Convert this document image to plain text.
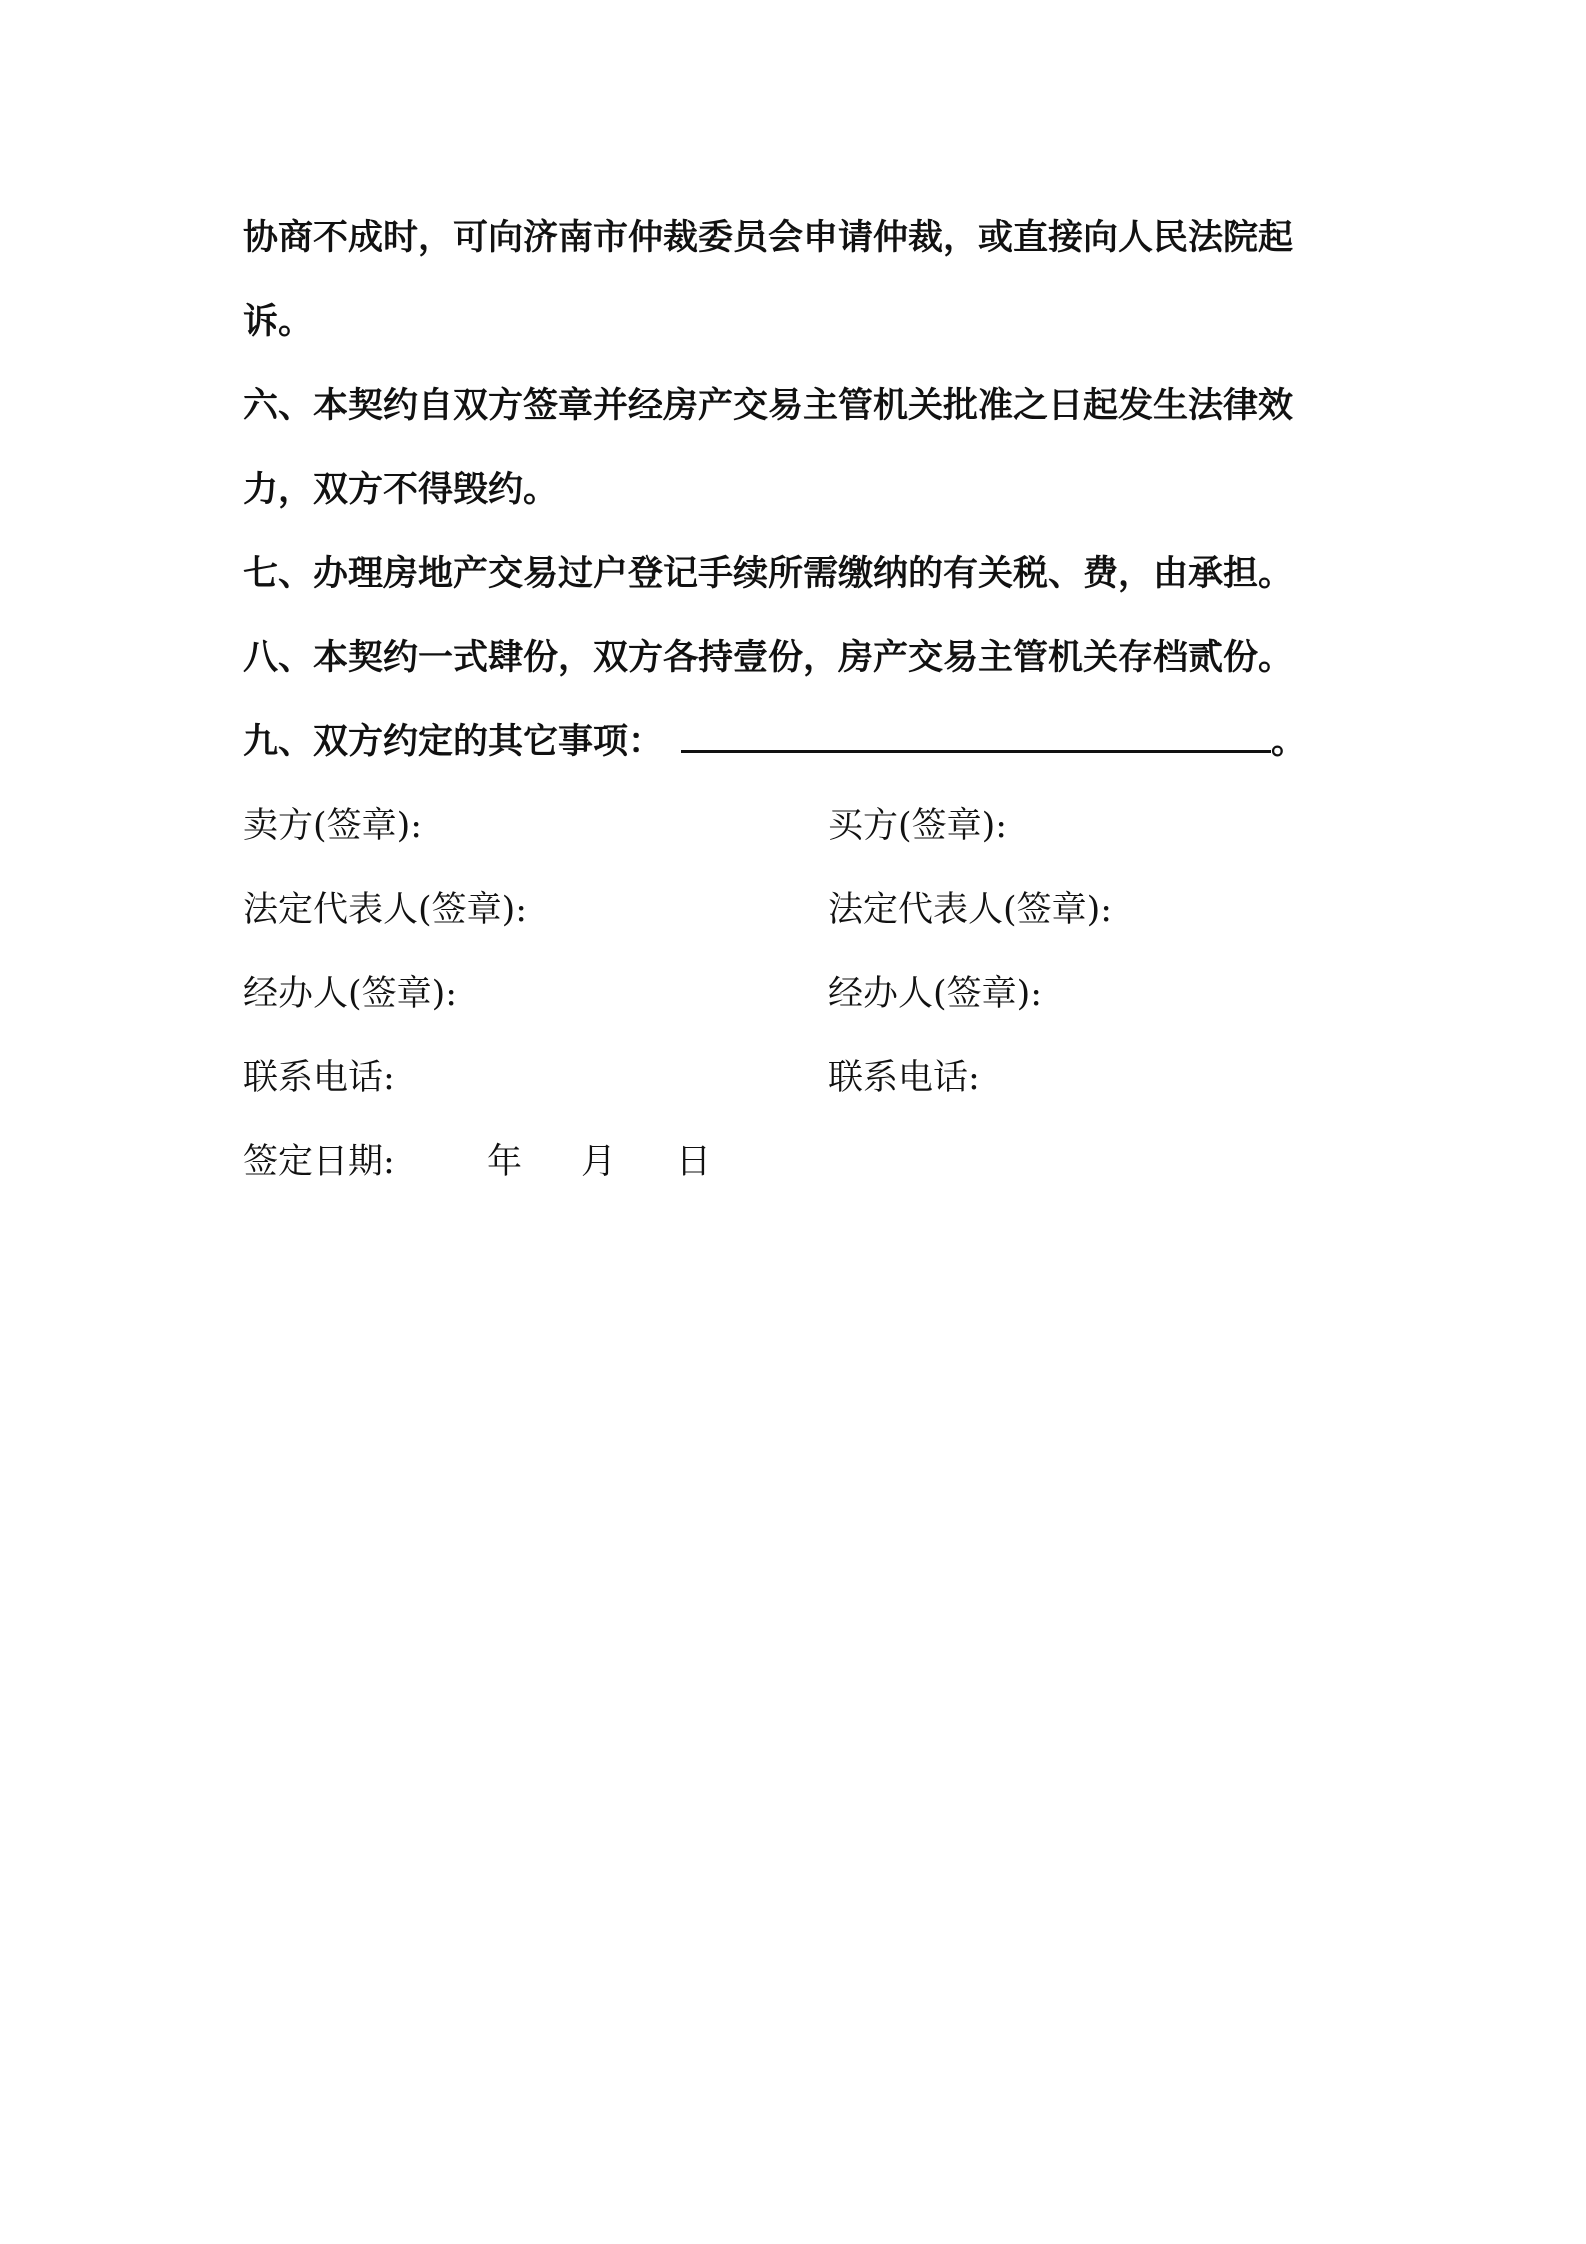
协商不成时，可向济南市仲裁委员会申请仲裁，或直接向人民法院起

诉。

六、本契约自双方签章并经房产交易主管机关批准之日起发生法律效

力，双方不得毁约。

七、办理房地产交易过户登记手续所需缴纳的有关税、费，由承担。

八、本契约一式肆份，双方各持壹份，房产交易主管机关存档贰份。

九、双方约定的其它事项：	。

卖方(签章):	买方(签章):
法定代表人(签章):	法定代表人(签章):
经办人(签章):	经办人(签章):
联系电话:	联系电话:
签定日期:	年 月 日
